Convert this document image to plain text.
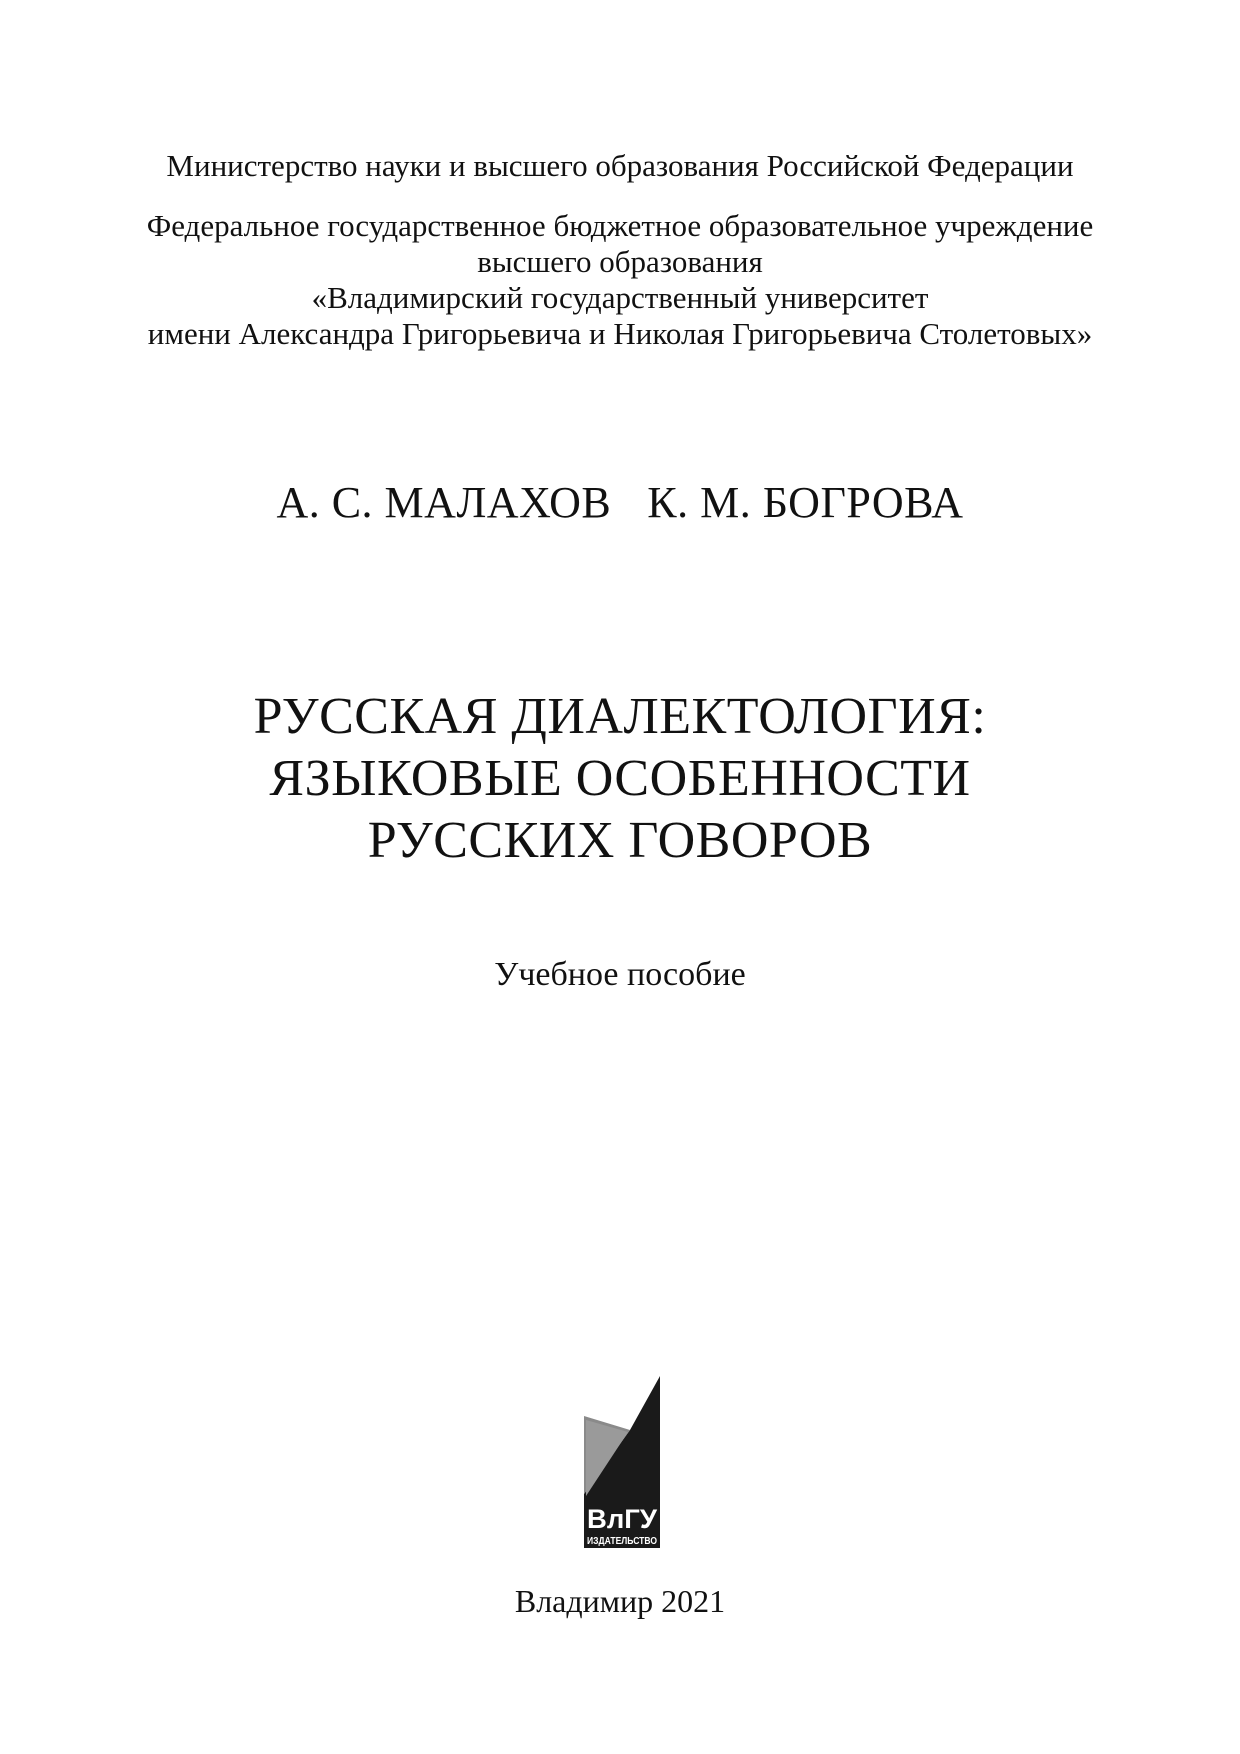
Министерство науки и высшего образования Российской Федерации
Федеральное государственное бюджетное образовательное учреждение
высшего образования
«Владимирский государственный университет
имени Александра Григорьевича и Николая Григорьевича Столетовых»
А. С. МАЛАХОВ К. М. БОГРОВА
РУССКАЯ ДИАЛЕКТОЛОГИЯ:
ЯЗЫКОВЫЕ ОСОБЕННОСТИ
РУССКИХ ГОВОРОВ
Учебное пособие
ВлГУ
ИЗДАТЕЛЬСТВО
Владимир 2021
